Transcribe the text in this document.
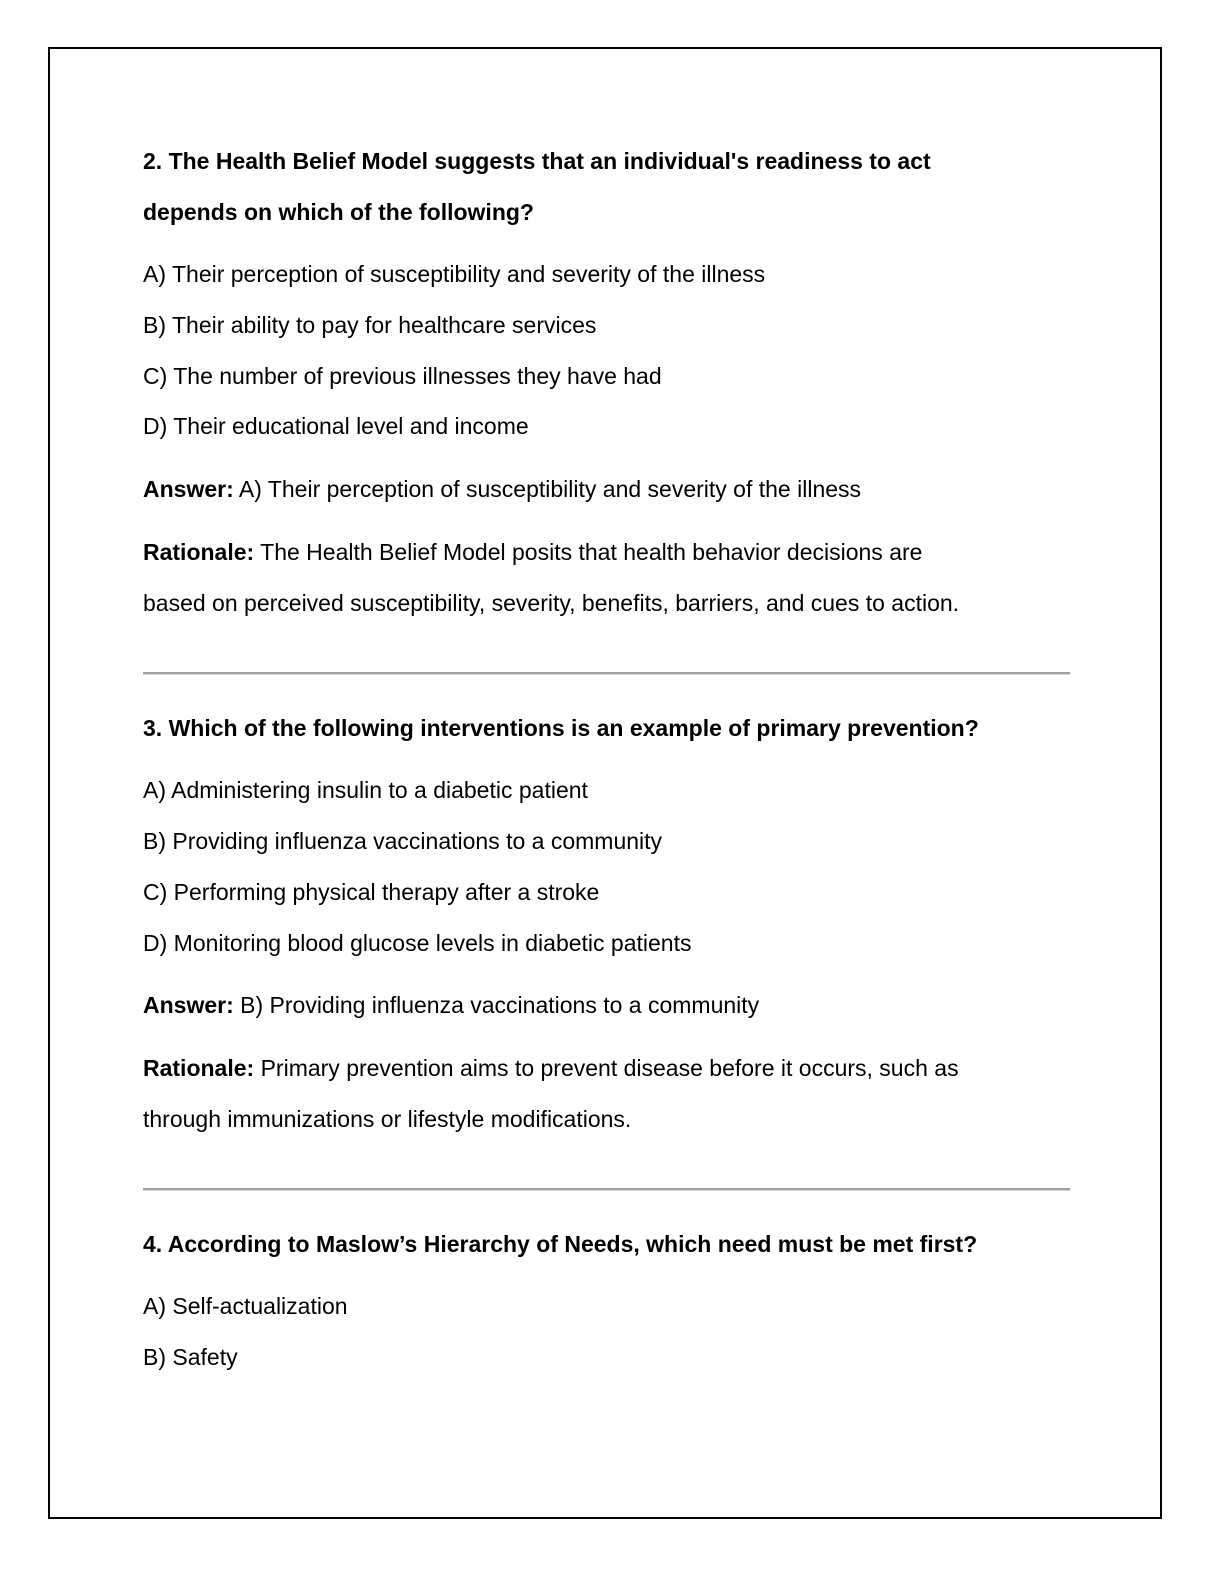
2. The Health Belief Model suggests that an individual's readiness to act
depends on which of the following?
A) Their perception of susceptibility and severity of the illness
B) Their ability to pay for healthcare services
C) The number of previous illnesses they have had
D) Their educational level and income
Answer: A) Their perception of susceptibility and severity of the illness
Rationale: The Health Belief Model posits that health behavior decisions are
based on perceived susceptibility, severity, benefits, barriers, and cues to action.
3. Which of the following interventions is an example of primary prevention?
A) Administering insulin to a diabetic patient
B) Providing influenza vaccinations to a community
C) Performing physical therapy after a stroke
D) Monitoring blood glucose levels in diabetic patients
Answer: B) Providing influenza vaccinations to a community
Rationale: Primary prevention aims to prevent disease before it occurs, such as
through immunizations or lifestyle modifications.
4. According to Maslow’s Hierarchy of Needs, which need must be met first?
A) Self-actualization
B) Safety
